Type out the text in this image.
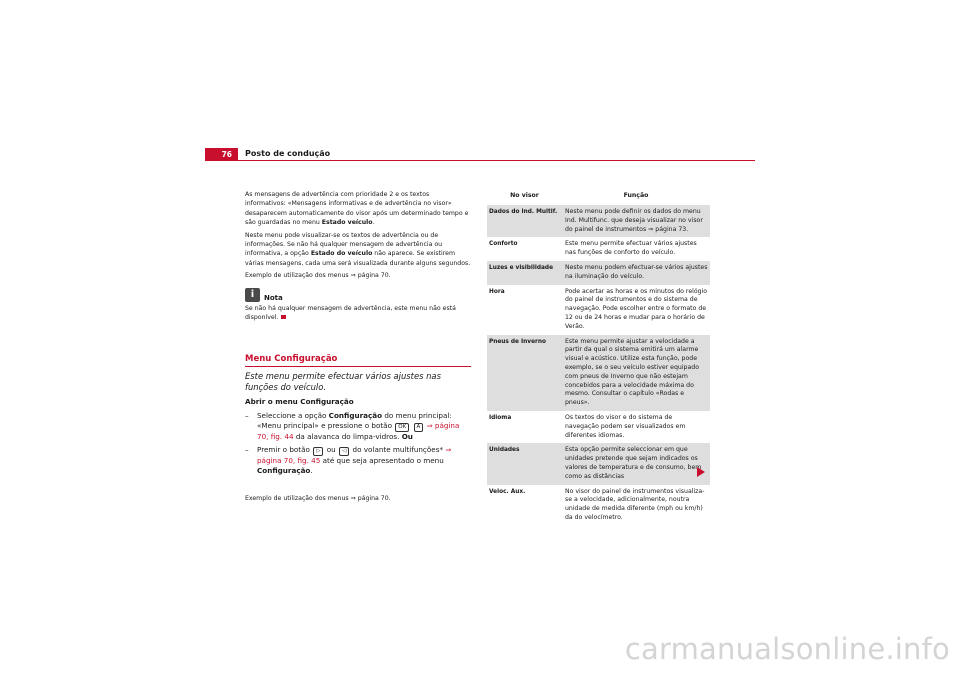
76	Posto de condução

As mensagens de advertência com prioridade 2 e os textos informativos: «Mensagens informativas e de advertência no visor» desaparecem automaticamente do visor após um determinado tempo e são guardadas no menu Estado veículo.

Neste menu pode visualizar-se os textos de advertência ou de informações. Se não há qualquer mensagem de advertência ou informativa, a opção Estado do veículo não aparece. Se existirem várias mensagens, cada uma será visualizada durante alguns segundos.

Exemplo de utilização dos menus ⇒ página 70.

i	Nota

Se não há qualquer mensagem de advertência, este menu não está disponível.

Menu Configuração
Este menu permite efectuar vários ajustes nas funções do veículo.
Abrir o menu Configuração
–	Seleccione a opção Configuração do menu principal: «Menu principal» e pressione o botão OK A ⇒ página 70, fig. 44 da alavanca do limpa-vidros. Ou
–	Premir o botão ▷ ou ◁ do volante multifunções* ⇒ página 70, fig. 45 até que seja apresentado o menu Configuração.

Exemplo de utilização dos menus ⇒ página 70.

No visor	Função
Dados do Ind. Multif.	Neste menu pode definir os dados do menu Ind. Multifunc. que deseja visualizar no visor do painel de instrumentos ⇒ página 73.
Conforto	Este menu permite efectuar vários ajustes nas funções de conforto do veículo.
Luzes e visibilidade	Neste menu podem efectuar-se vários ajustes na iluminação do veículo.
Hora	Pode acertar as horas e os minutos do relógio do painel de instrumentos e do sistema de navegação. Pode escolher entre o formato de 12 ou de 24 horas e mudar para o horário de Verão.
Pneus de Inverno	Este menu permite ajustar a velocidade a partir da qual o sistema emitirá um alarme visual e acústico. Utilize esta função, pode exemplo, se o seu veículo estiver equipado com pneus de Inverno que não estejam concebidos para a velocidade máxima do mesmo. Consultar o capítulo «Rodas e pneus».
Idioma	Os textos do visor e do sistema de navegação podem ser visualizados em diferentes idiomas.
Unidades	Esta opção permite seleccionar em que unidades pretende que sejam indicados os valores de temperatura e de consumo, bem como as distâncias
Veloc. Aux.	No visor do painel de instrumentos visualiza-se a velocidade, adicionalmente, noutra unidade de medida diferente (mph ou km/h) da do velocímetro.
carmanualsonline.info
